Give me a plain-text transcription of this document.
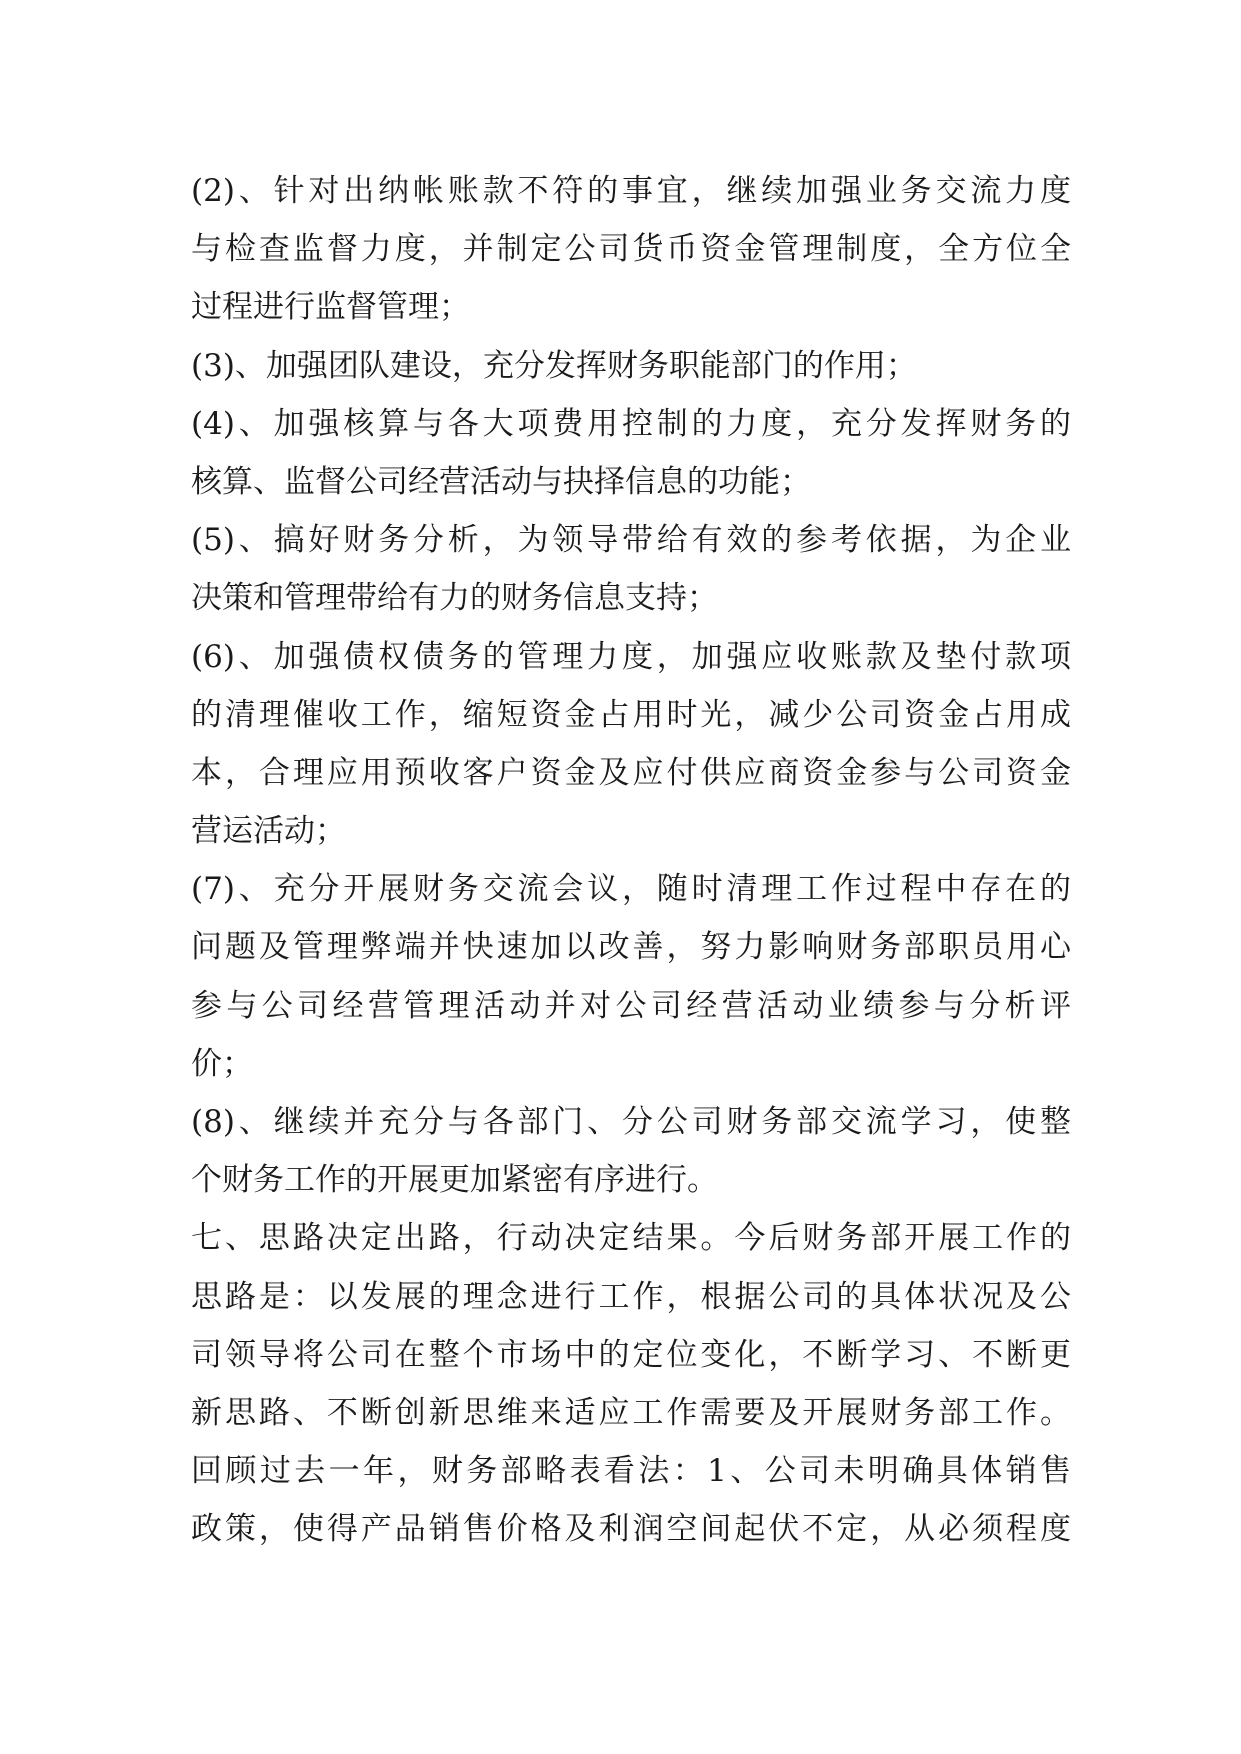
(2)、针对出纳帐账款不符的事宜，继续加强业务交流力度
与检查监督力度，并制定公司货币资金管理制度，全方位全
过程进行监督管理；
(3)、加强团队建设，充分发挥财务职能部门的作用；
(4)、加强核算与各大项费用控制的力度，充分发挥财务的
核算、监督公司经营活动与抉择信息的功能；
(5)、搞好财务分析，为领导带给有效的参考依据，为企业
决策和管理带给有力的财务信息支持；
(6)、加强债权债务的管理力度，加强应收账款及垫付款项
的清理催收工作，缩短资金占用时光，减少公司资金占用成
本，合理应用预收客户资金及应付供应商资金参与公司资金
营运活动；
(7)、充分开展财务交流会议，随时清理工作过程中存在的
问题及管理弊端并快速加以改善，努力影响财务部职员用心
参与公司经营管理活动并对公司经营活动业绩参与分析评
价；
(8)、继续并充分与各部门、分公司财务部交流学习，使整
个财务工作的开展更加紧密有序进行。
七、思路决定出路，行动决定结果。今后财务部开展工作的
思路是：以发展的理念进行工作，根据公司的具体状况及公
司领导将公司在整个市场中的定位变化，不断学习、不断更
新思路、不断创新思维来适应工作需要及开展财务部工作。
回顾过去一年，财务部略表看法：1、公司未明确具体销售
政策，使得产品销售价格及利润空间起伏不定，从必须程度
